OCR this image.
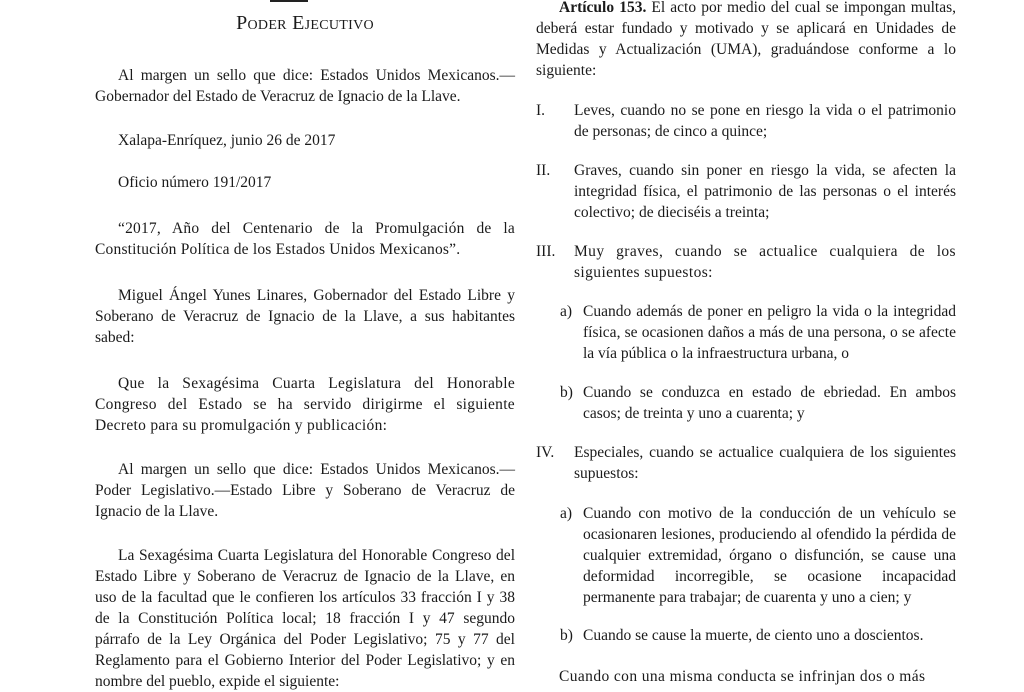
Poder Ejecutivo

Al margen un sello que dice: Estados Unidos Mexicanos.— Gobernador del Estado de Veracruz de Ignacio de la Llave.

Xalapa-Enríquez, junio 26 de 2017

Oficio número 191/2017

“2017, Año del Centenario de la Promulgación de la Constitución Política de los Estados Unidos Mexicanos”.

Miguel Ángel Yunes Linares, Gobernador del Estado Libre y Soberano de Veracruz de Ignacio de la Llave, a sus habitantes sabed:

Que la Sexagésima Cuarta Legislatura del Honorable Congreso del Estado se ha servido dirigirme el siguiente Decreto para su promulgación y publicación:

Al margen un sello que dice: Estados Unidos Mexicanos.— Poder Legislativo.—Estado Libre y Soberano de Veracruz de Ignacio de la Llave.

La Sexagésima Cuarta Legislatura del Honorable Congreso del Estado Libre y Soberano de Veracruz de Ignacio de la Llave, en uso de la facultad que le confieren los artículos 33 fracción I y 38 de la Constitución Política local; 18 fracción I y 47 segundo párrafo de la Ley Orgánica del Poder Legislativo; 75 y 77 del Reglamento para el Gobierno Interior del Poder Legislativo; y en nombre del pueblo, expide el siguiente:

Artículo 153. El acto por medio del cual se impongan multas, deberá estar fundado y motivado y se aplicará en Unidades de Medidas y Actualización (UMA), graduándose conforme a lo siguiente:

I. Leves, cuando no se pone en riesgo la vida o el patrimonio de personas; de cinco a quince;
II. Graves, cuando sin poner en riesgo la vida, se afecten la integridad física, el patrimonio de las personas o el interés colectivo; de dieciséis a treinta;
III. Muy graves, cuando se actualice cualquiera de los siguientes supuestos:
a) Cuando además de poner en peligro la vida o la integridad física, se ocasionen daños a más de una persona, o se afecte la vía pública o la infraestructura urbana, o
b) Cuando se conduzca en estado de ebriedad. En ambos casos; de treinta y uno a cuarenta; y
IV. Especiales, cuando se actualice cualquiera de los siguientes supuestos:
a) Cuando con motivo de la conducción de un vehículo se ocasionaren lesiones, produciendo al ofendido la pérdida de cualquier extremidad, órgano o disfunción, se cause una deformidad incorregible, se ocasione incapacidad permanente para trabajar; de cuarenta y uno a cien; y
b) Cuando se cause la muerte, de ciento uno a doscientos.

Cuando con una misma conducta se infrinjan dos o más
